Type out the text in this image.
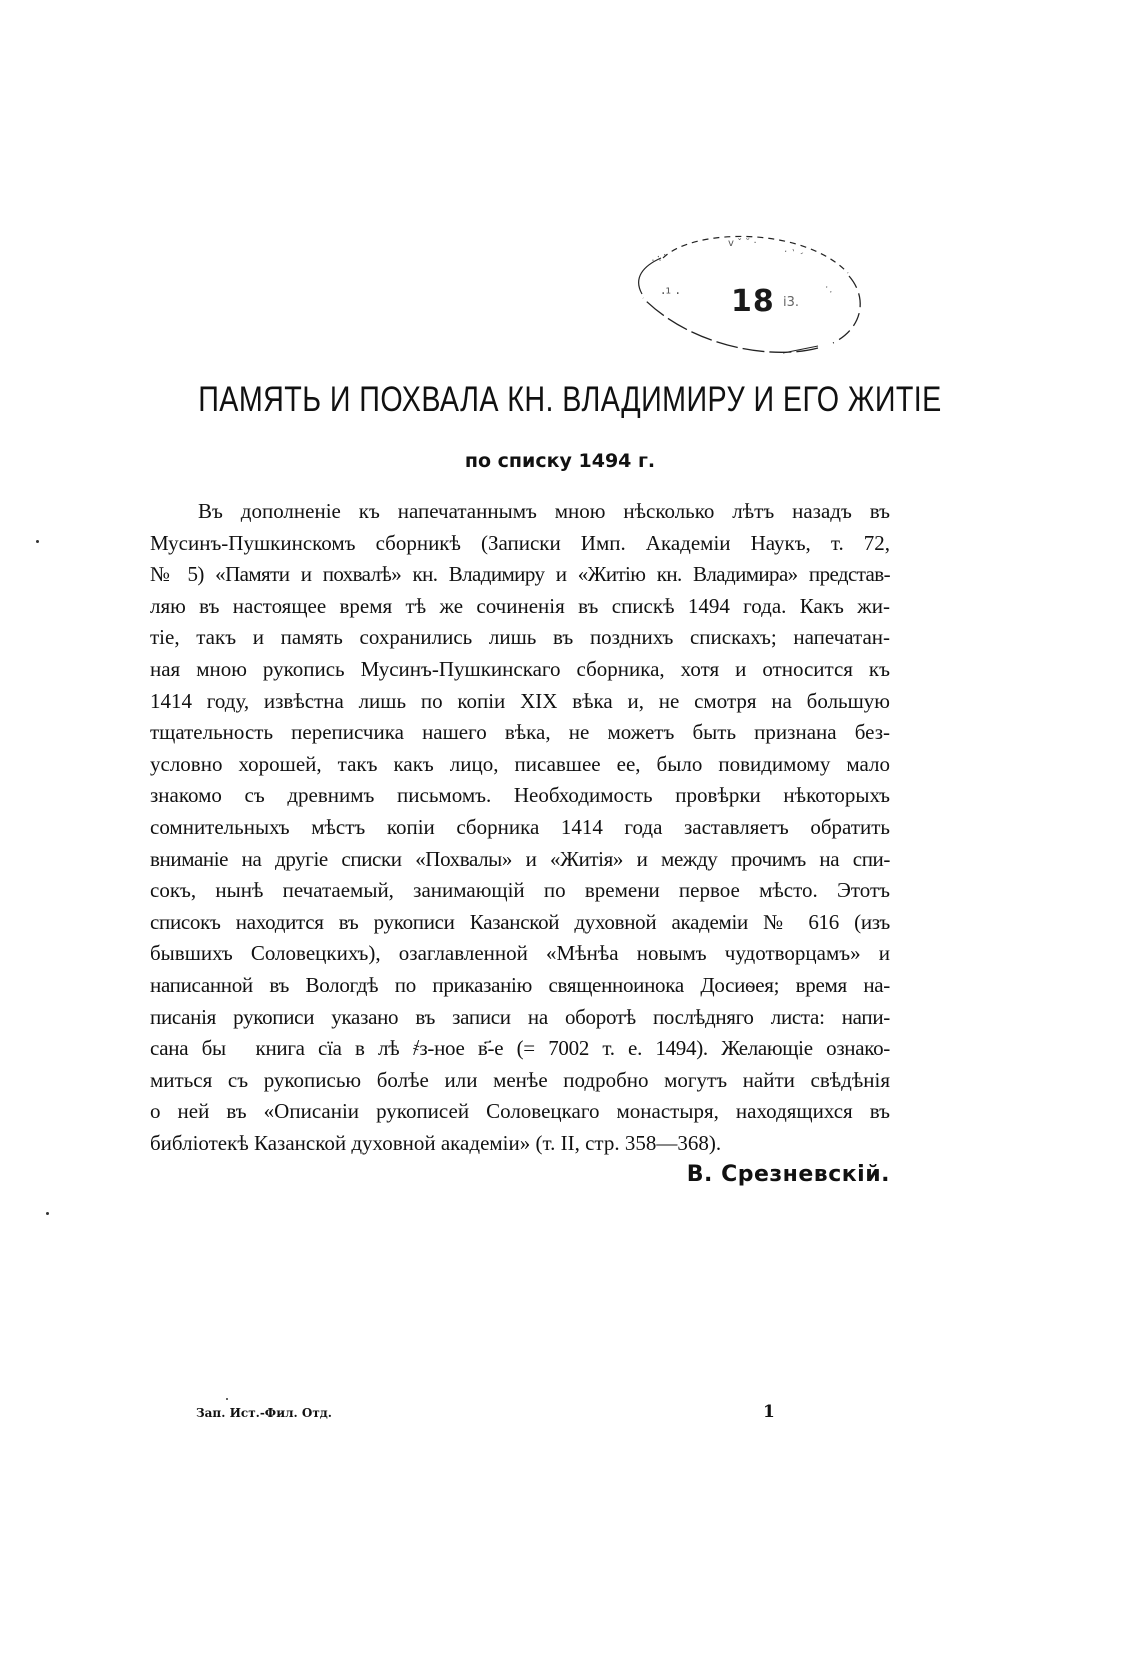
· : ·
ⅴ ˇ ˘ ·
· ˋ ˊ
· ·
·¹ ·
ⅰ3.
18
ПАМЯТЬ И ПОХВАЛА КН. ВЛАДИМИРУ И ЕГО ЖИТІЕ
по списку 1494 г.
Въ дополненіе къ напечатаннымъ мною нѣсколько лѣтъ назадъ въ
Мусинъ-Пушкинскомъ сборникѣ (Записки Имп. Академіи Наукъ, т. 72,
№ 5) «Памяти и похвалѣ» кн. Владимиру и «Житію кн. Владимира» представ-
ляю въ настоящее время тѣ же сочиненія въ спискѣ 1494 года. Какъ жи-
тіе, такъ и память сохранились лишь въ позднихъ спискахъ; напечатан-
ная мною рукопись Мусинъ-Пушкинскаго сборника, хотя и относится къ
1414 году, извѣстна лишь по копіи XIX вѣка и, не смотря на большую
тщательность переписчика нашего вѣка, не можетъ быть признана без-
условно хорошей, такъ какъ лицо, писавшее ее, было повидимому мало
знакомо съ древнимъ письмомъ. Необходимость провѣрки нѣкоторыхъ
сомнительныхъ мѣстъ копіи сборника 1414 года заставляетъ обратить
вниманіе на другіе списки «Похвалы» и «Житія» и между прочимъ на спи-
сокъ, нынѣ печатаемый, занимающій по времени первое мѣсто. Этотъ
списокъ находится въ рукописи Казанской духовной академіи № 616 (изъ
бывшихъ Соловецкихъ), озаглавленной «Мѣнѣа новымъ чудотворцамъ» и
написанной въ Вологдѣ по приказанію священноинока Досиѳея; время на-
писанія рукописи указано въ записи на оборотѣ послѣдняго листа: напи-
сана быᷭ книга сїа в лѣ ҂з-ное в҃-е (= 7002 т. е. 1494). Желающіе ознако-
миться съ рукописью болѣе или менѣе подробно могутъ найти свѣдѣнія
о ней въ «Описаніи рукописей Соловецкаго монастыря, находящихся въ
библіотекѣ Казанской духовной академіи» (т. II, стр. 358—368).
В. Срезневскій.
Зап. Ист.-Фил. Отд.	1
